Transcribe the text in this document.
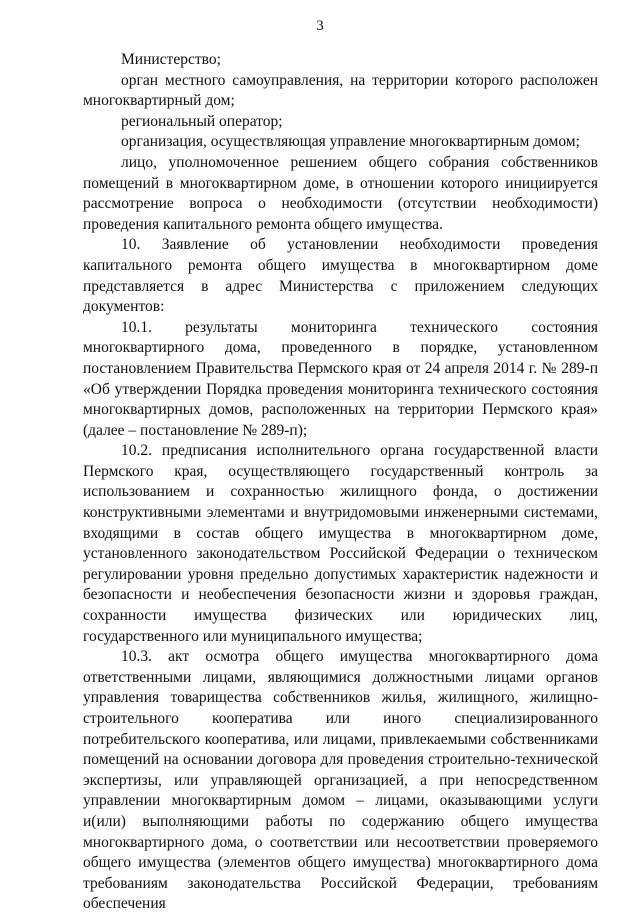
3

Министерство;

орган местного самоуправления, на территории которого расположен многоквартирный дом;

региональный оператор;

организация, осуществляющая управление многоквартирным домом;

лицо, уполномоченное решением общего собрания собственников помещений в многоквартирном доме, в отношении которого инициируется рассмотрение вопроса о необходимости (отсутствии необходимости) проведения капитального ремонта общего имущества.

10. Заявление об установлении необходимости проведения капитального ремонта общего имущества в многоквартирном доме представляется в адрес Министерства с приложением следующих документов:

10.1. результаты мониторинга технического состояния многоквартирного дома, проведенного в порядке, установленном постановлением Правительства Пермского края от 24 апреля 2014 г. № 289-п «Об утверждении Порядка проведения мониторинга технического состояния многоквартирных домов, расположенных на территории Пермского края» (далее – постановление № 289-п);

10.2. предписания исполнительного органа государственной власти Пермского края, осуществляющего государственный контроль за использованием и сохранностью жилищного фонда, о достижении конструктивными элементами и внутридомовыми инженерными системами, входящими в состав общего имущества в многоквартирном доме, установленного законодательством Российской Федерации о техническом регулировании уровня предельно допустимых характеристик надежности и безопасности и необеспечения безопасности жизни и здоровья граждан, сохранности имущества физических или юридических лиц, государственного или муниципального имущества;

10.3. акт осмотра общего имущества многоквартирного дома ответственными лицами, являющимися должностными лицами органов управления товарищества собственников жилья, жилищного, жилищно-строительного кооператива или иного специализированного потребительского кооператива, или лицами, привлекаемыми собственниками помещений на основании договора для проведения строительно-технической экспертизы, или управляющей организацией, а при непосредственном управлении многоквартирным домом – лицами, оказывающими услуги и(или) выполняющими работы по содержанию общего имущества многоквартирного дома, о соответствии или несоответствии проверяемого общего имущества (элементов общего имущества) многоквартирного дома требованиям законодательства Российской Федерации, требованиям обеспечения
